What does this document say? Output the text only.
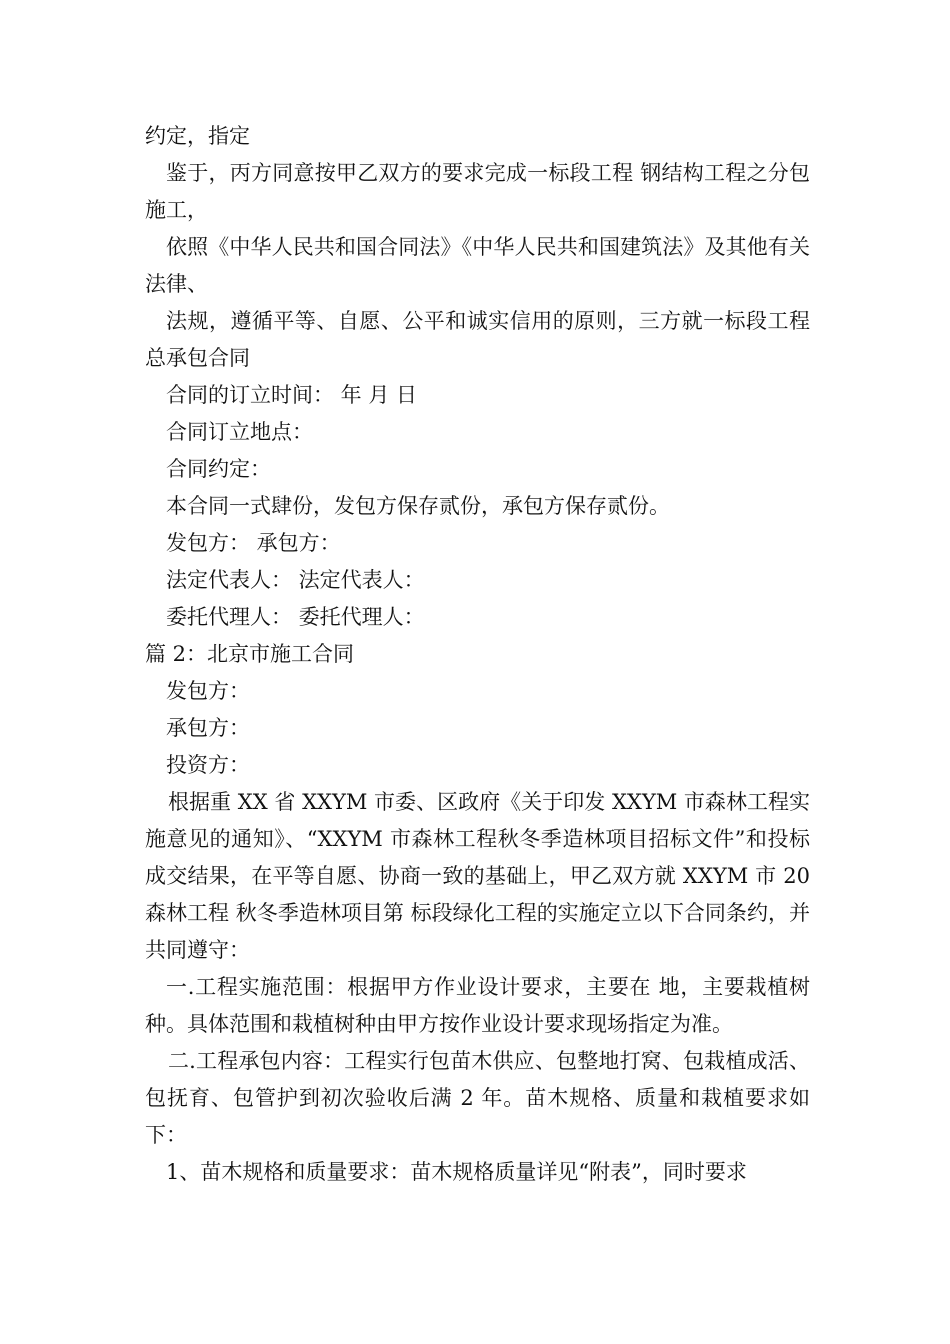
约定，指定

鉴于，丙方同意按甲乙双方的要求完成一标段工程 钢结构工程之分包施工，

依照《中华人民共和国合同法》《中华人民共和国建筑法》及其他有关法律、

法规，遵循平等、自愿、公平和诚实信用的原则，三方就一标段工程总承包合同

合同的订立时间： 年 月 日

合同订立地点：

合同约定：

本合同一式肆份，发包方保存贰份，承包方保存贰份。

发包方： 承包方：

法定代表人： 法定代表人：

委托代理人： 委托代理人：

篇 2：北京市施工合同

发包方：

承包方：

投资方：

根据重 XX 省 XXYM 市委、区政府《关于印发 XXYM 市森林工程实施意见的通知》、“XXYM 市森林工程秋冬季造林项目招标文件”和投标成交结果，在平等自愿、协商一致的基础上，甲乙双方就 XXYM 市 20 森林工程 秋冬季造林项目第 标段绿化工程的实施定立以下合同条约，并共同遵守：

一.工程实施范围：根据甲方作业设计要求，主要在 地，主要栽植树种。具体范围和栽植树种由甲方按作业设计要求现场指定为准。

二.工程承包内容：工程实行包苗木供应、包整地打窝、包栽植成活、包抚育、包管护到初次验收后满 2 年。苗木规格、质量和栽植要求如下：

1、苗木规格和质量要求：苗木规格质量详见“附表”，同时要求
